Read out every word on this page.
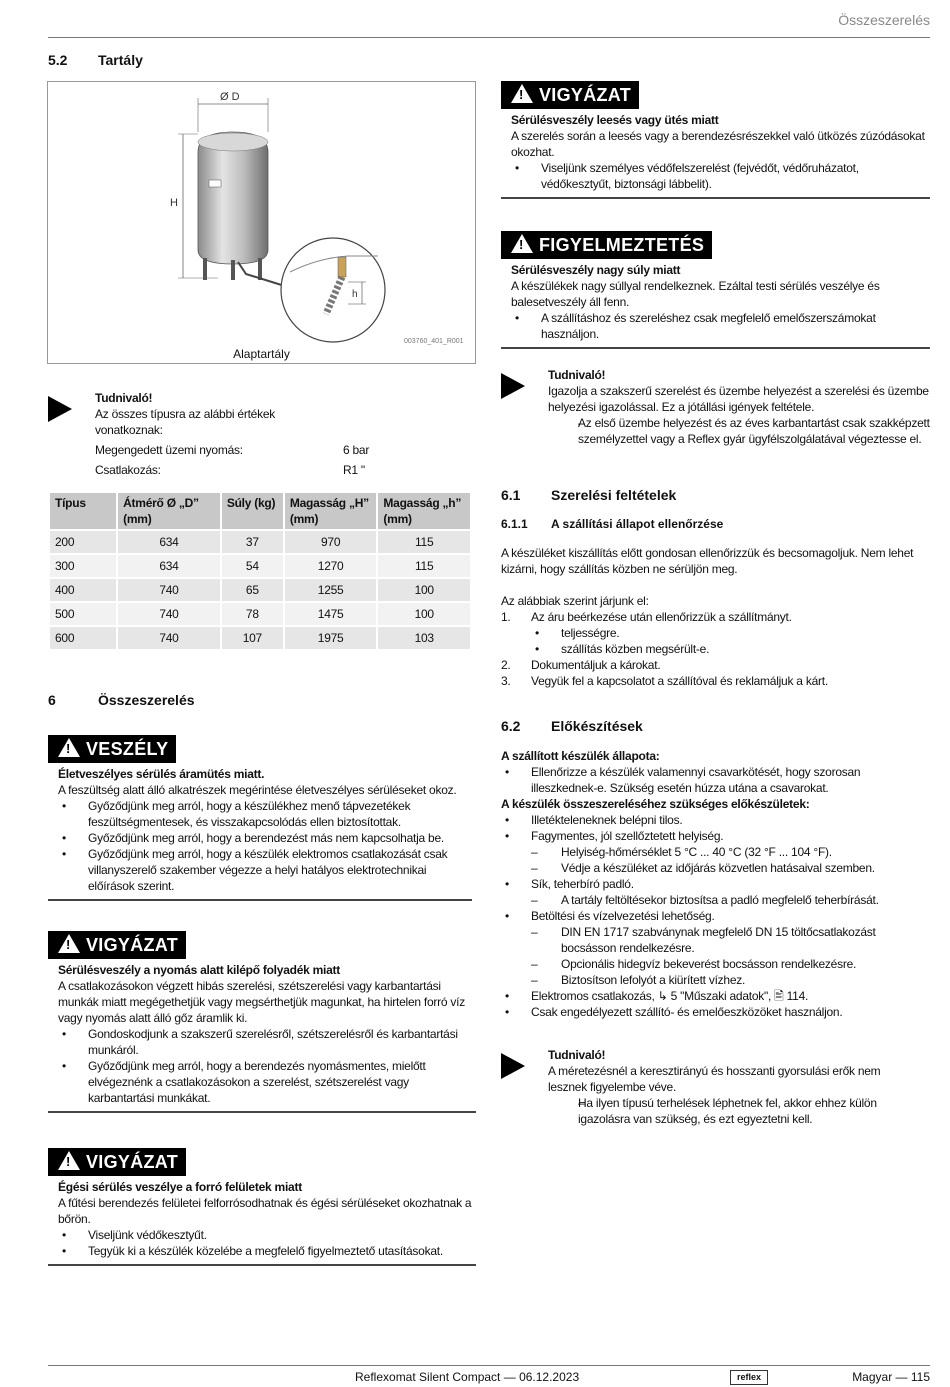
Összeszerelés
5.2 Tartály
Ø D
H
h
003760_401_R001
Alaptartály
Tudnivaló!
Az összes típusra az alábbi értékek vonatkoznak:
Megengedett üzemi nyomás:	6 bar
Csatlakozás:	R1 "
Típus	Átmérő Ø „D” (mm)	Súly (kg)	Magasság „H” (mm)	Magasság „h” (mm)
200	634	37	970	115
300	634	54	1270	115
400	740	65	1255	100
500	740	78	1475	100
600	740	107	1975	103
6	Összeszerelés
!
VESZÉLY
Életveszélyes sérülés áramütés miatt.
A feszültség alatt álló alkatrészek megérintése életveszélyes sérüléseket okoz.
• Győződjünk meg arról, hogy a készülékhez menő tápvezetékek feszültségmentesek, és visszakapcsolódás ellen biztosítottak.
• Győződjünk meg arról, hogy a berendezést más nem kapcsolhatja be.
• Győződjünk meg arról, hogy a készülék elektromos csatlakozását csak villanyszerelő szakember végezze a helyi hatályos elektrotechnikai előírások szerint.
!
VIGYÁZAT
Sérülésveszély a nyomás alatt kilépő folyadék miatt
A csatlakozásokon végzett hibás szerelési, szétszerelési vagy karbantartási munkák miatt megégethetjük vagy megsérthetjük magunkat, ha hirtelen forró víz vagy nyomás alatt álló gőz áramlik ki.
• Gondoskodjunk a szakszerű szerelésről, szétszerelésről és karbantartási munkáról.
• Győződjünk meg arról, hogy a berendezés nyomásmentes, mielőtt elvégeznénk a csatlakozásokon a szerelést, szétszerelést vagy karbantartási munkákat.
!
VIGYÁZAT
Égési sérülés veszélye a forró felületek miatt
A fűtési berendezés felületei felforrósodhatnak és égési sérüléseket okozhatnak a bőrön.
• Viseljünk védőkesztyűt.
• Tegyük ki a készülék közelébe a megfelelő figyelmeztető utasításokat.
!
VIGYÁZAT
Sérülésveszély leesés vagy ütés miatt
A szerelés során a leesés vagy a berendezésrészekkel való ütközés zúzódásokat okozhat.
• Viseljünk személyes védőfelszerelést (fejvédőt, védőruházatot, védőkesztyűt, biztonsági lábbelit).
!
FIGYELMEZTETÉS
Sérülésveszély nagy súly miatt
A készülékek nagy súllyal rendelkeznek. Ezáltal testi sérülés veszélye és balesetveszély áll fenn.
• A szállításhoz és szereléshez csak megfelelő emelőszerszámokat használjon.
Tudnivaló!
Igazolja a szakszerű szerelést és üzembe helyezést a szerelési és üzembe helyezési igazolással. Ez a jótállási igények feltétele.
– Az első üzembe helyezést és az éves karbantartást csak szakképzett személyzettel vagy a Reflex gyár ügyfélszolgálatával végeztesse el.
6.1 Szerelési feltételek
6.1.1 A szállítási állapot ellenőrzése
A készüléket kiszállítás előtt gondosan ellenőrizzük és becsomagoljuk. Nem lehet kizárni, hogy szállítás közben ne sérüljön meg.
Az alábbiak szerint járjunk el:
1. Az áru beérkezése után ellenőrizzük a szállítmányt.
• teljességre.
• szállítás közben megsérült-e.
2. Dokumentáljuk a károkat.
3. Vegyük fel a kapcsolatot a szállítóval és reklamáljuk a kárt.
6.2 Előkészítések
A szállított készülék állapota:
• Ellenőrizze a készülék valamennyi csavarkötését, hogy szorosan illeszkednek-e. Szükség esetén húzza utána a csavarokat.
A készülék összeszereléséhez szükséges előkészületek:
• Illetékteleneknek belépni tilos.
• Fagymentes, jól szellőztetett helyiség.
– Helyiség-hőmérséklet 5 °C ... 40 °C (32 °F ... 104 °F).
– Védje a készüléket az időjárás közvetlen hatásaival szemben.
• Sík, teherbíró padló.
– A tartály feltöltésekor biztosítsa a padló megfelelő teherbírását.
• Betöltési és vízelvezetési lehetőség.
– DIN EN 1717 szabványnak megfelelő DN 15 töltőcsatlakozást bocsásson rendelkezésre.
– Opcionális hidegvíz bekeverést bocsásson rendelkezésre.
– Biztosítson lefolyót a kiürített vízhez.
• Elektromos csatlakozás, ↳ 5 "Műszaki adatok", 🖹 114.
• Csak engedélyezett szállító- és emelőeszközöket használjon.
Tudnivaló!
A méretezésnél a keresztirányú és hosszanti gyorsulási erők nem lesznek figyelembe véve.
– Ha ilyen típusú terhelések léphetnek fel, akkor ehhez külön igazolásra van szükség, és ezt egyeztetni kell.
Reflexomat Silent Compact — 06.12.2023	reflex	Magyar — 115
